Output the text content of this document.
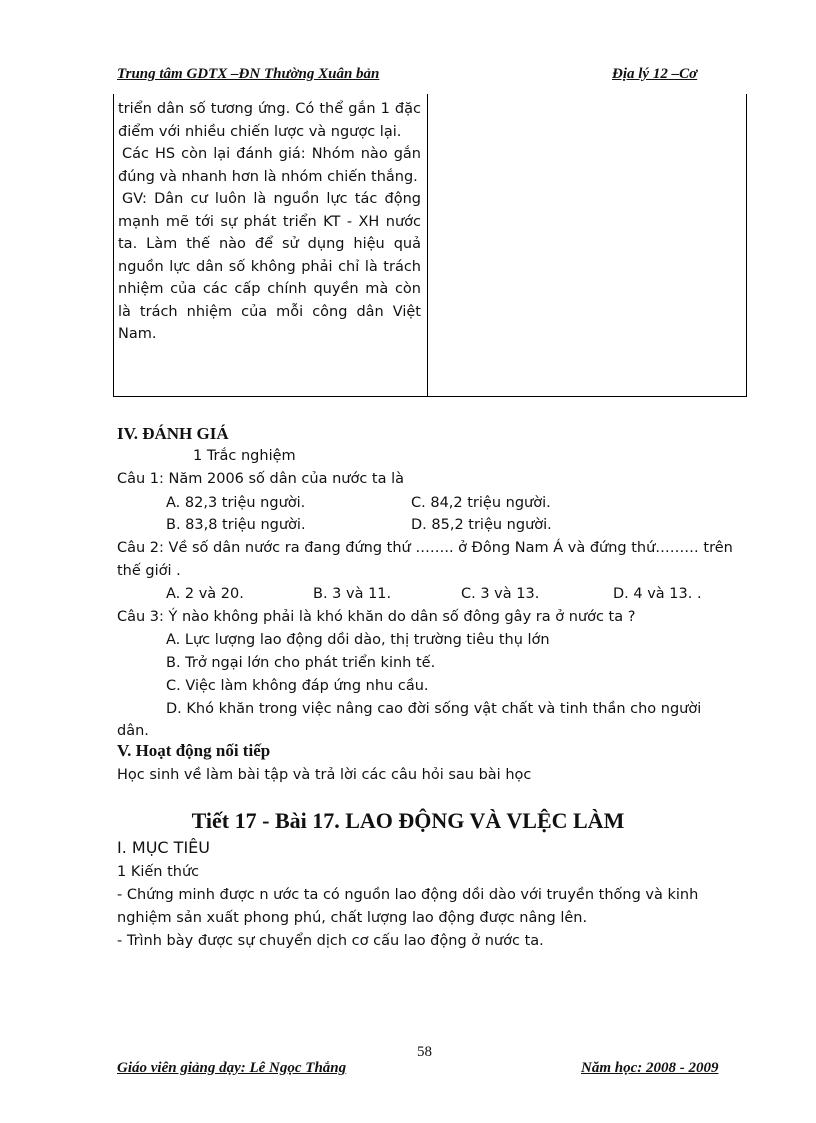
Trung tâm GDTX –ĐN Thường Xuân bản	Địa lý 12 –Cơ

triển dân số tương ứng. Có thể gắn 1 đặc điểm với nhiều chiến lược và ngược lại.

Các HS còn lại đánh giá: Nhóm nào gắn đúng và nhanh hơn là nhóm chiến thắng.

GV: Dân cư luôn là nguồn lực tác động mạnh mẽ tới sự phát triển KT - XH nước ta. Làm thế nào để sử dụng hiệu quả nguồn lực dân số không phải chỉ là trách nhiệm của các cấp chính quyền mà còn là trách nhiệm của mỗi công dân Việt Nam.

IV. ĐÁNH GIÁ
1 Trắc nghiệm
Câu 1: Năm 2006 số dân của nước ta là
A. 82,3 triệu người.	C. 84,2 triệu người.
B. 83,8 triệu người.	D. 85,2 triệu người.
Câu 2: Về số dân nước ra đang đứng thứ …….. ở Đông Nam Á và đứng thứ……… trên
thế giới .
A. 2 và 20.	B. 3 và 11.	C. 3 và 13.	D. 4 và 13. .
Câu 3: Ý nào không phải là khó khăn do dân số đông gây ra ở nước ta ?
A. Lực lượng lao động dồi dào, thị trường tiêu thụ lớn
B. Trở ngại lớn cho phát triển kinh tế.
C. Việc làm không đáp ứng nhu cầu.
D. Khó khăn trong việc nâng cao đời sống vật chất và tinh thần cho người
dân.
V. Hoạt động nối tiếp
Học sinh về làm bài tập và trả lời các câu hỏi sau bài học
Tiết 17 - Bài 17. LAO ĐỘNG VÀ VLỆC LÀM
I. MỤC TIÊU
1 Kiến thức
- Chứng minh được n ước ta có nguồn lao động dồi dào với truyền thống và kinh
nghiệm sản xuất phong phú, chất lượng lao động được nâng lên.
- Trình bày được sự chuyển dịch cơ cấu lao động ở nước ta.
58
Giáo viên giảng dạy: Lê Ngọc Thắng	Năm học: 2008 - 2009
